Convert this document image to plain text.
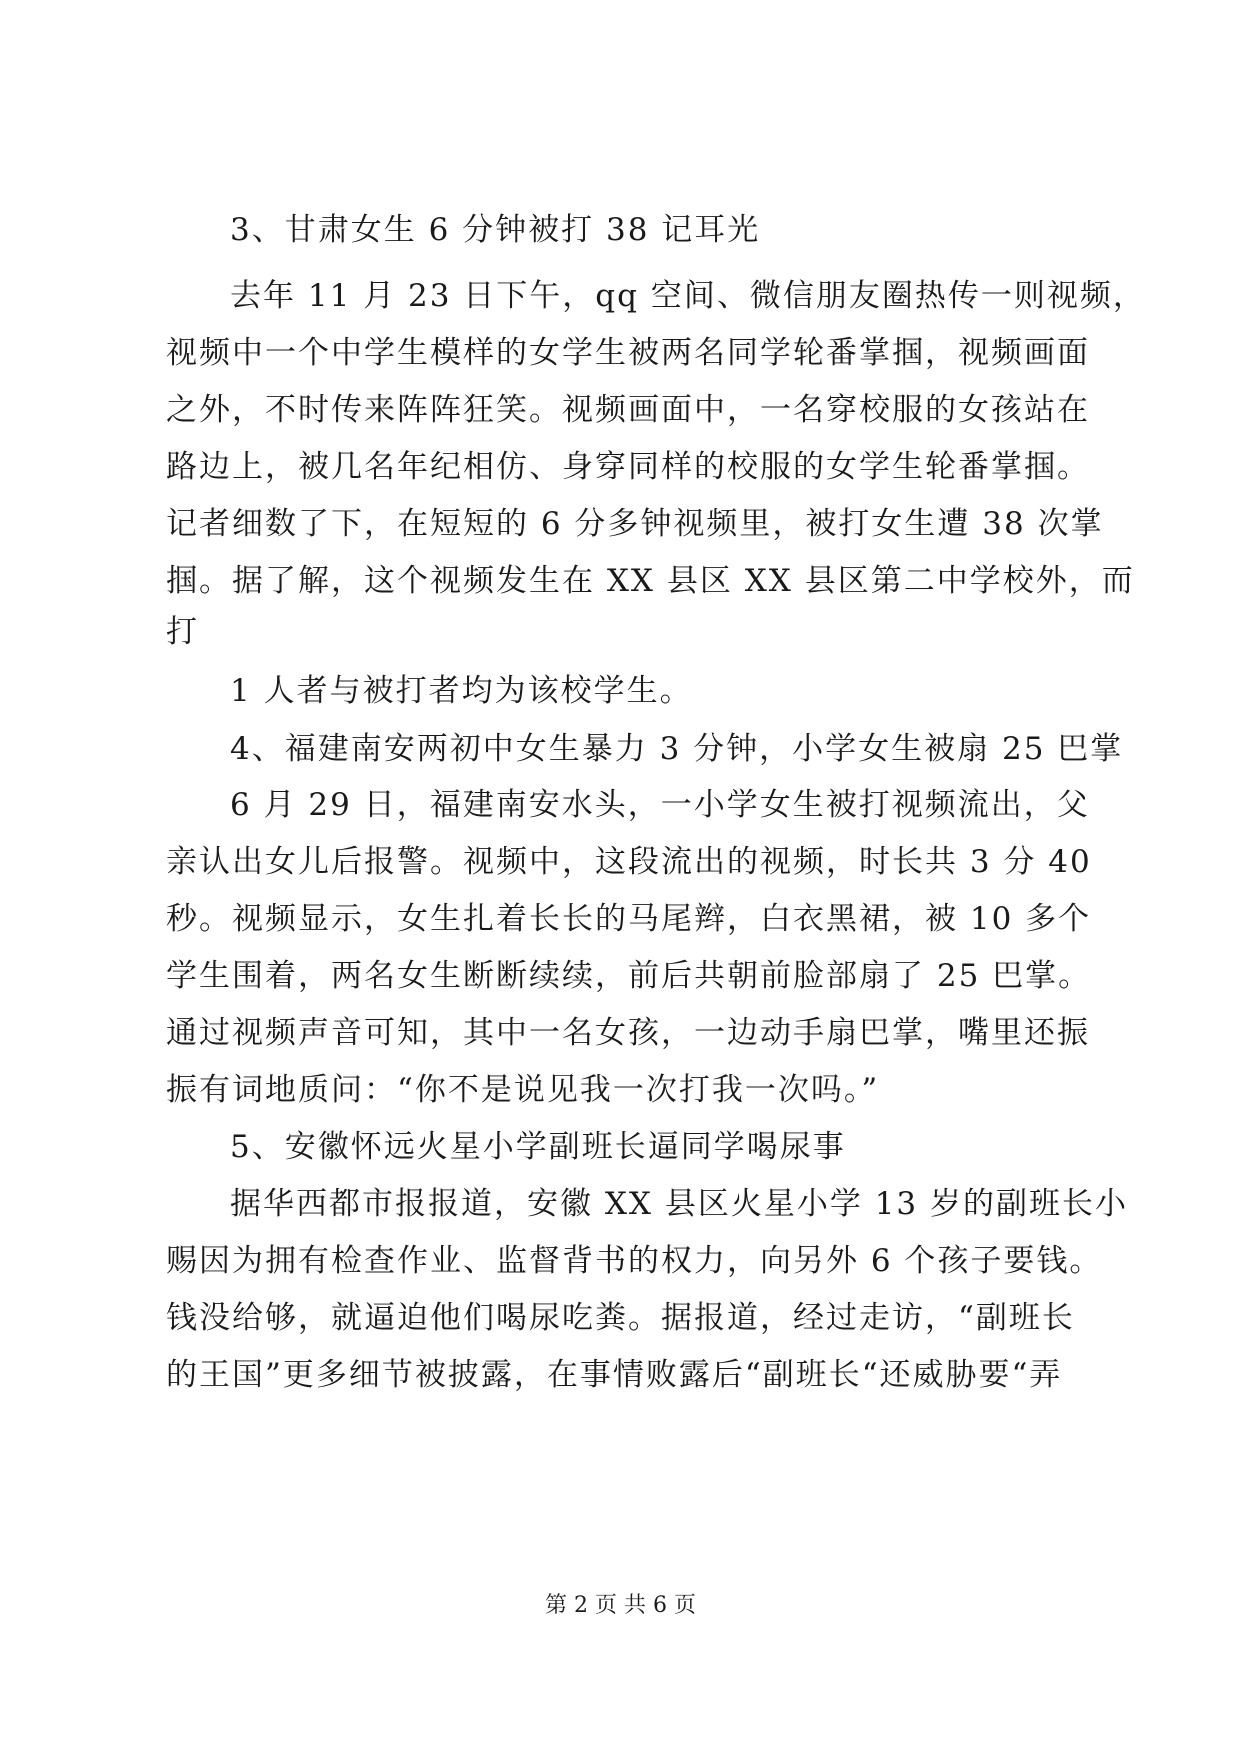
3、甘肃女生 6 分钟被打 38 记耳光
去年 11 月 23 日下午，qq 空间、微信朋友圈热传一则视频，
视频中一个中学生模样的女学生被两名同学轮番掌掴，视频画面
之外，不时传来阵阵狂笑。视频画面中，一名穿校服的女孩站在
路边上，被几名年纪相仿、身穿同样的校服的女学生轮番掌掴。
记者细数了下，在短短的 6 分多钟视频里，被打女生遭 38 次掌
掴。据了解，这个视频发生在 XX 县区 XX 县区第二中学校外，而
打
1 人者与被打者均为该校学生。
4、福建南安两初中女生暴力 3 分钟，小学女生被扇 25 巴掌
6 月 29 日，福建南安水头，一小学女生被打视频流出，父
亲认出女儿后报警。视频中，这段流出的视频，时长共 3 分 40
秒。视频显示，女生扎着长长的马尾辫，白衣黑裙，被 10 多个
学生围着，两名女生断断续续，前后共朝前脸部扇了 25 巴掌。
通过视频声音可知，其中一名女孩，一边动手扇巴掌，嘴里还振
振有词地质问：“你不是说见我一次打我一次吗。”
5、安徽怀远火星小学副班长逼同学喝尿事
据华西都市报报道，安徽 XX 县区火星小学 13 岁的副班长小
赐因为拥有检查作业、监督背书的权力，向另外 6 个孩子要钱。
钱没给够，就逼迫他们喝尿吃粪。据报道，经过走访，“副班长
的王国”更多细节被披露，在事情败露后“副班长“还威胁要“弄
第 2 页 共 6 页
